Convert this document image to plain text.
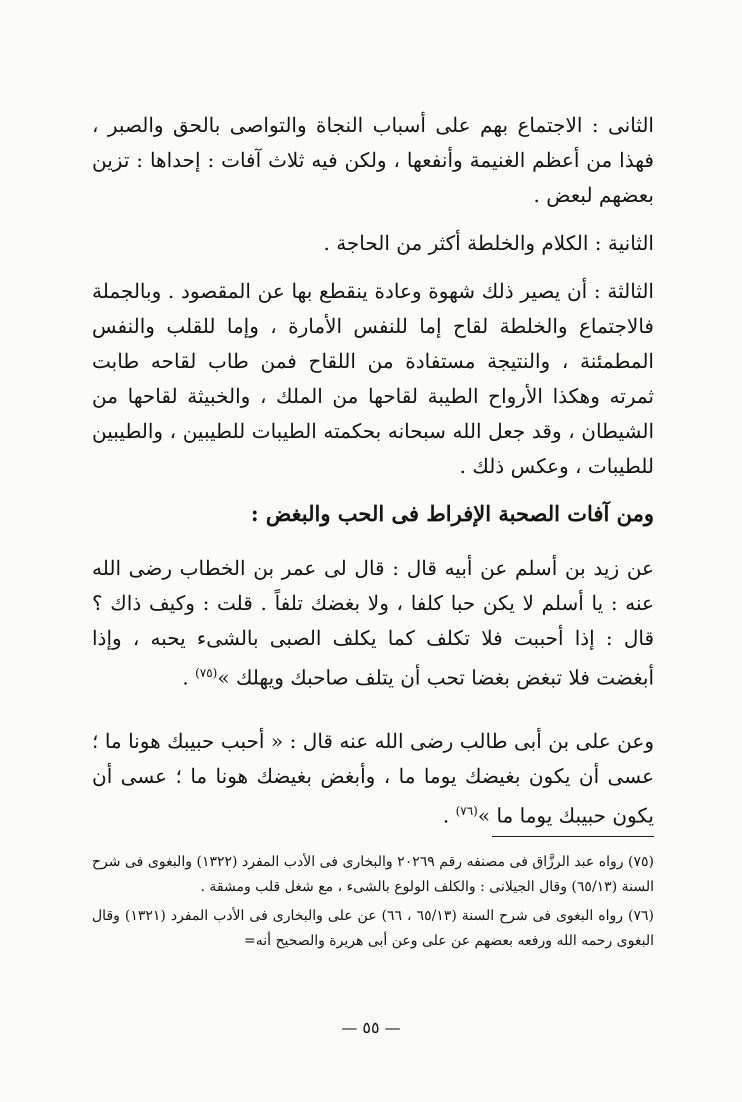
الثانى : الاجتماع بهم على أسباب النجاة والتواصى بالحق والصبر ، فهذا من أعظم الغنيمة وأنفعها ، ولكن فيه ثلاث آفات : إحداها : تزين بعضهم لبعض .

الثانية : الكلام والخلطة أكثر من الحاجة .

الثالثة : أن يصير ذلك شهوة وعادة ينقطع بها عن المقصود . وبالجملة فالاجتماع والخلطة لقاح إما للنفس الأمارة ، وإما للقلب والنفس المطمئنة ، والنتيجة مستفادة من اللقاح فمن طاب لقاحه طابت ثمرته وهكذا الأرواح الطيبة لقاحها من الملك ، والخبيثة لقاحها من الشيطان ، وقد جعل الله سبحانه بحكمته الطيبات للطيبين ، والطيبين للطيبات ، وعكس ذلك .

ومن آفات الصحبة الإفراط فى الحب والبغض :

عن زيد بن أسلم عن أبيه قال : قال لى عمر بن الخطاب رضى الله عنه : يا أسلم لا يكن حبا كلفا ، ولا بغضك تلفاً . قلت : وكيف ذاك ؟ قال : إذا أحببت فلا تكلف كما يكلف الصبى بالشىء يحبه ، وإذا أبغضت فلا تبغض بغضا تحب أن يتلف صاحبك ويهلك »$^{(٧٥)}$ .

وعن على بن أبى طالب رضى الله عنه قال : « أحبب حبيبك هونا ما ؛ عسى أن يكون بغيضك يوما ما ، وأبغض بغيضك هونا ما ؛ عسى أن يكون حبيبك يوما ما »$^{(٧٦)}$ .

(٧٥) رواه عبد الرزَّاق فى مصنفه رقم ٢٠٢٦٩ والبخارى فى الأدب المفرد (١٣٢٢) والبغوى فى شرح السنة (٦٥/١٣) وقال الجيلانى : والكلف الولوع بالشىء ، مع شغل قلب ومشقة .

(٧٦) رواه البغوى فى شرح السنة (٦٥/١٣ ، ٦٦) عن على والبخارى فى الأدب المفرد (١٣٢١) وقال البغوى رحمه الله ورفعه بعضهم عن على وعن أبى هريرة والصحيح أنه=

— ٥٥ —
